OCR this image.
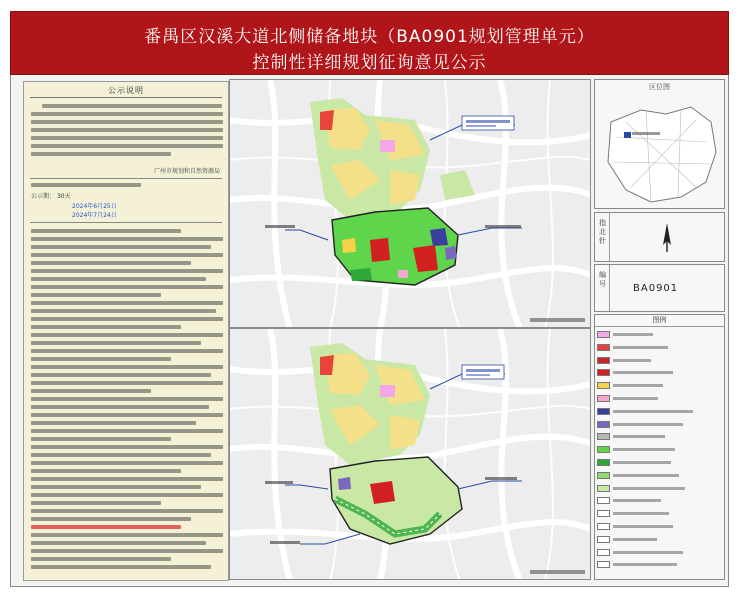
番禺区汉溪大道北侧储备地块（BA0901规划管理单元）
控制性详细规划征询意见公示
公示说明
广州市规划和自然资源局
公示期： 30天
2024年6月25日
2024年7月24日
区位图
指北针
编号	BA0901
图例
